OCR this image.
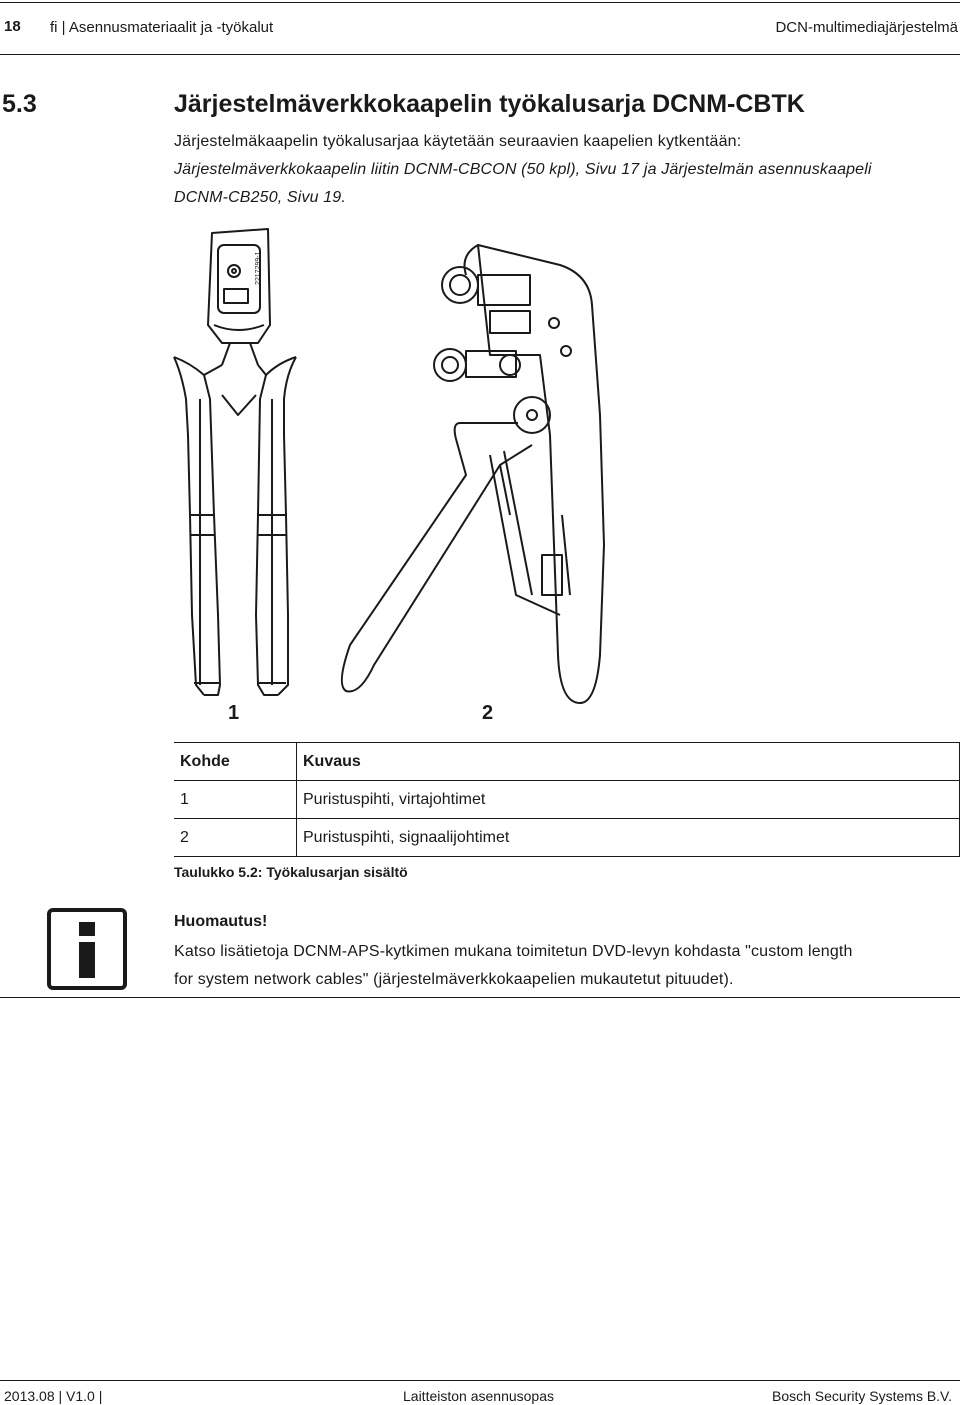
18 fi | Asennusmateriaalit ja -työkalut	DCN-multimediajärjestelmä
5.3	Järjestelmäverkkokaapelin työkalusarja DCNM-CBTK
Järjestelmäkaapelin työkalusarjaa käytetään seuraavien kaapelien kytkentään:
Järjestelmäverkkokaapelin liitin DCNM-CBCON (50 kpl), Sivu 17 ja Järjestelmän asennuskaapeli
DCNM-CB250, Sivu 19.
2217299-1
1	2
Kohde	Kuvaus
1	Puristuspihti, virtajohtimet
2	Puristuspihti, signaalijohtimet
Taulukko 5.2: Työkalusarjan sisältö
Huomautus!
Katso lisätietoja DCNM-APS-kytkimen mukana toimitetun DVD-levyn kohdasta "custom length
for system network cables" (järjestelmäverkkokaapelien mukautetut pituudet).
2013.08 | V1.0 |	Laitteiston asennusopas	Bosch Security Systems B.V.
